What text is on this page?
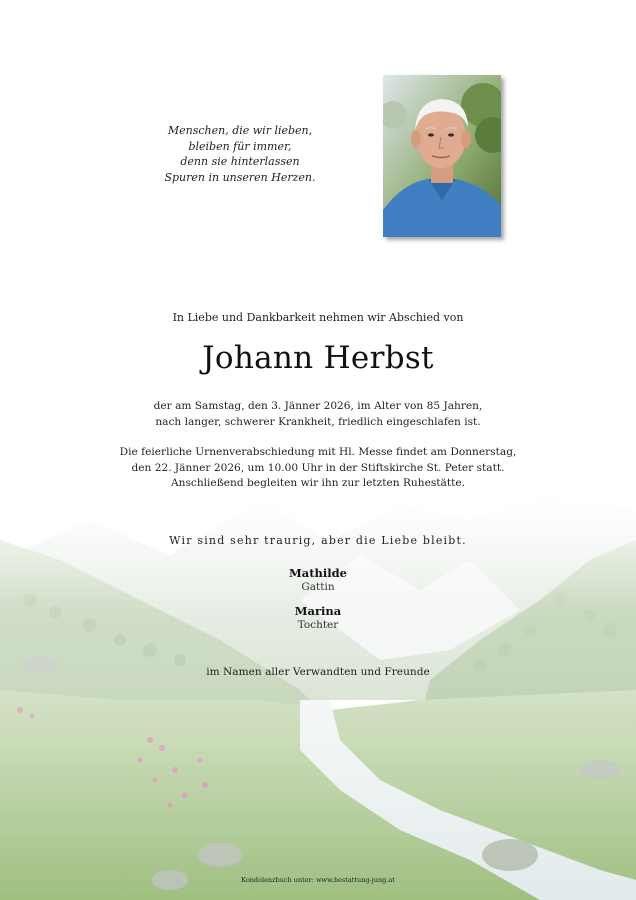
Menschen, die wir lieben,
bleiben für immer,
denn sie hinterlassen
Spuren in unseren Herzen.
In Liebe und Dankbarkeit nehmen wir Abschied von
Johann Herbst
der am Samstag, den 3. Jänner 2026, im Alter von 85 Jahren,
nach langer, schwerer Krankheit, friedlich eingeschlafen ist.
Die feierliche Urnenverabschiedung mit Hl. Messe findet am Donnerstag,
den 22. Jänner 2026, um 10.00 Uhr in der Stiftskirche St. Peter statt.
Anschließend begleiten wir ihn zur letzten Ruhestätte.
Wir sind sehr traurig, aber die Liebe bleibt.
Mathilde
Gattin
Marina
Tochter
im Namen aller Verwandten und Freunde
Kondolenzbuch unter: www.bestattung-jung.at
